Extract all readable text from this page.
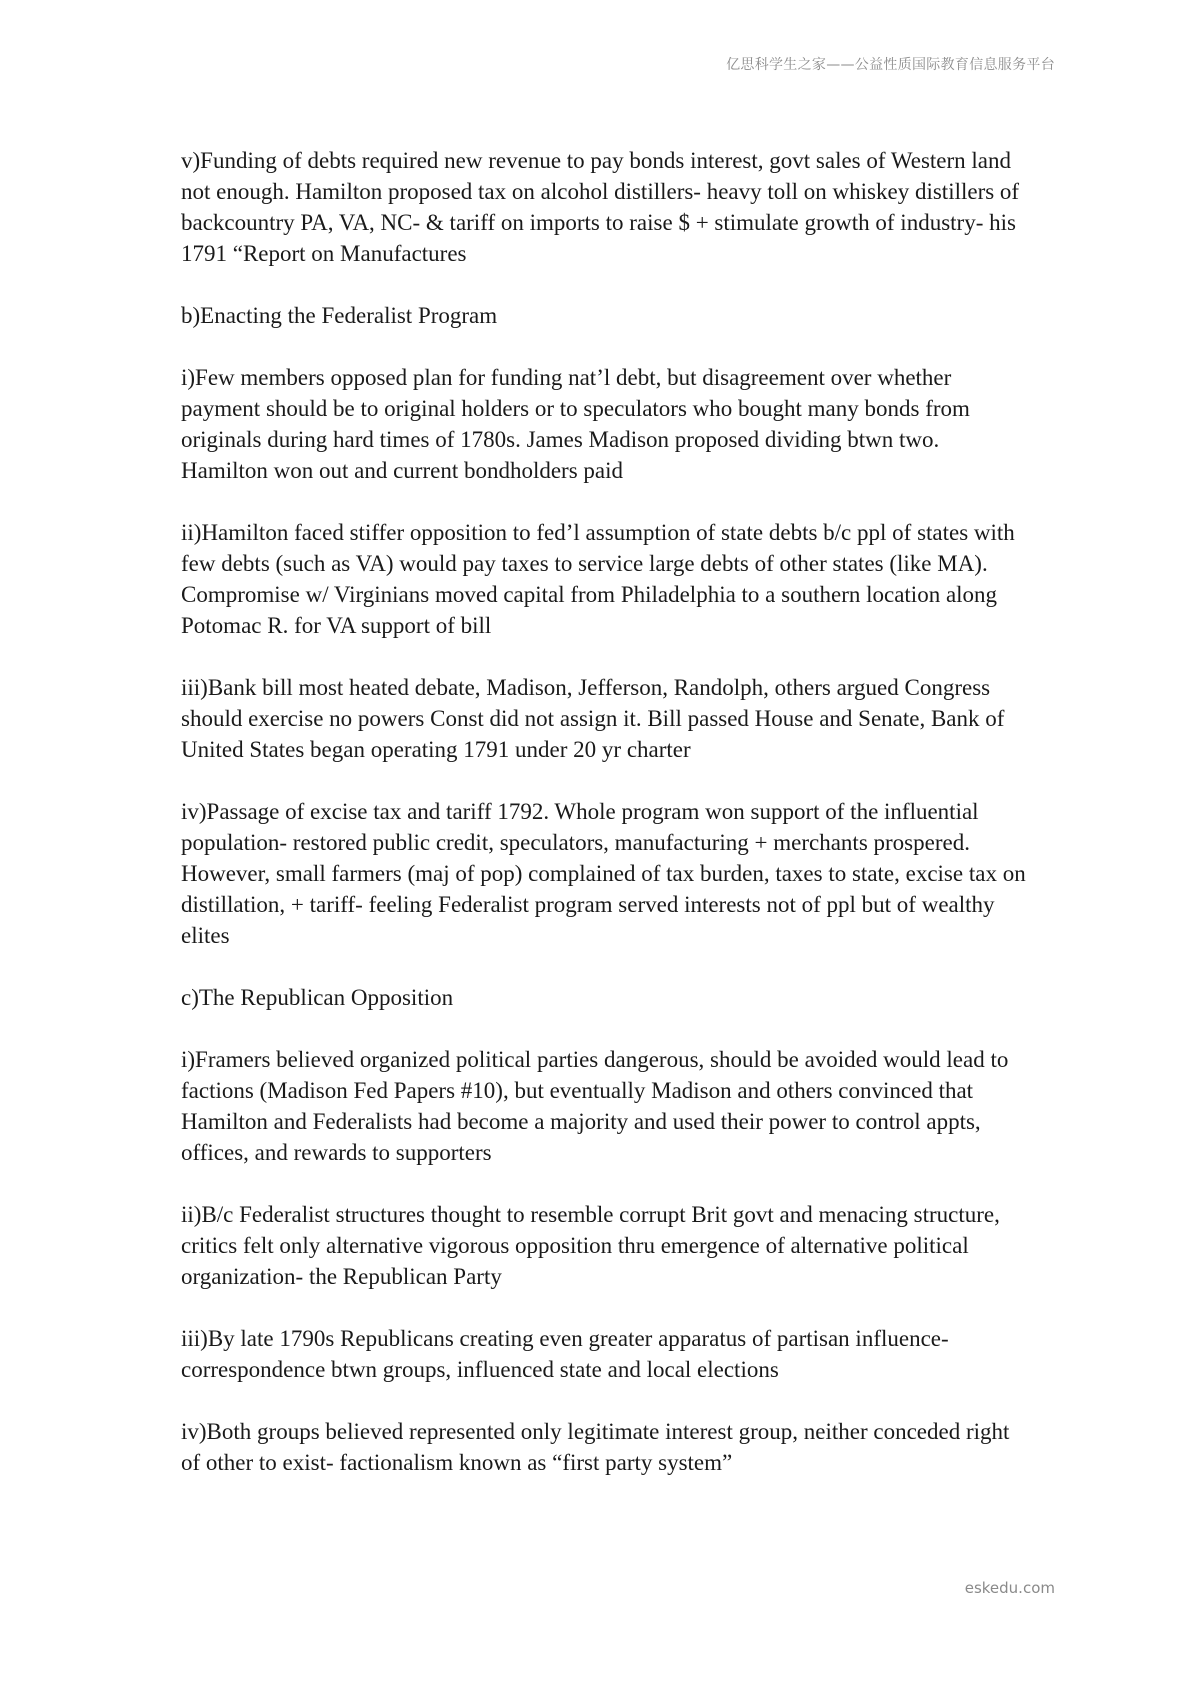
亿思科学生之家——公益性质国际教育信息服务平台

v)Funding of debts required new revenue to pay bonds interest, govt sales of Western land not enough. Hamilton proposed tax on alcohol distillers- heavy toll on whiskey distillers of backcountry PA, VA, NC- & tariff on imports to raise $ + stimulate growth of industry- his 1791 “Report on Manufactures

b)Enacting the Federalist Program

i)Few members opposed plan for funding nat’l debt, but disagreement over whether payment should be to original holders or to speculators who bought many bonds from originals during hard times of 1780s. James Madison proposed dividing btwn two. Hamilton won out and current bondholders paid

ii)Hamilton faced stiffer opposition to fed’l assumption of state debts b/c ppl of states with few debts (such as VA) would pay taxes to service large debts of other states (like MA). Compromise w/ Virginians moved capital from Philadelphia to a southern location along Potomac R. for VA support of bill

iii)Bank bill most heated debate, Madison, Jefferson, Randolph, others argued Congress should exercise no powers Const did not assign it. Bill passed House and Senate, Bank of United States began operating 1791 under 20 yr charter

iv)Passage of excise tax and tariff 1792. Whole program won support of the influential population- restored public credit, speculators, manufacturing + merchants prospered. However, small farmers (maj of pop) complained of tax burden, taxes to state, excise tax on distillation, + tariff- feeling Federalist program served interests not of ppl but of wealthy elites

c)The Republican Opposition

i)Framers believed organized political parties dangerous, should be avoided would lead to factions (Madison Fed Papers #10), but eventually Madison and others convinced that Hamilton and Federalists had become a majority and used their power to control appts, offices, and rewards to supporters

ii)B/c Federalist structures thought to resemble corrupt Brit govt and menacing structure, critics felt only alternative vigorous opposition thru emergence of alternative political organization- the Republican Party

iii)By late 1790s Republicans creating even greater apparatus of partisan influence- correspondence btwn groups, influenced state and local elections

iv)Both groups believed represented only legitimate interest group, neither conceded right of other to exist- factionalism known as “first party system”

eskedu.com
